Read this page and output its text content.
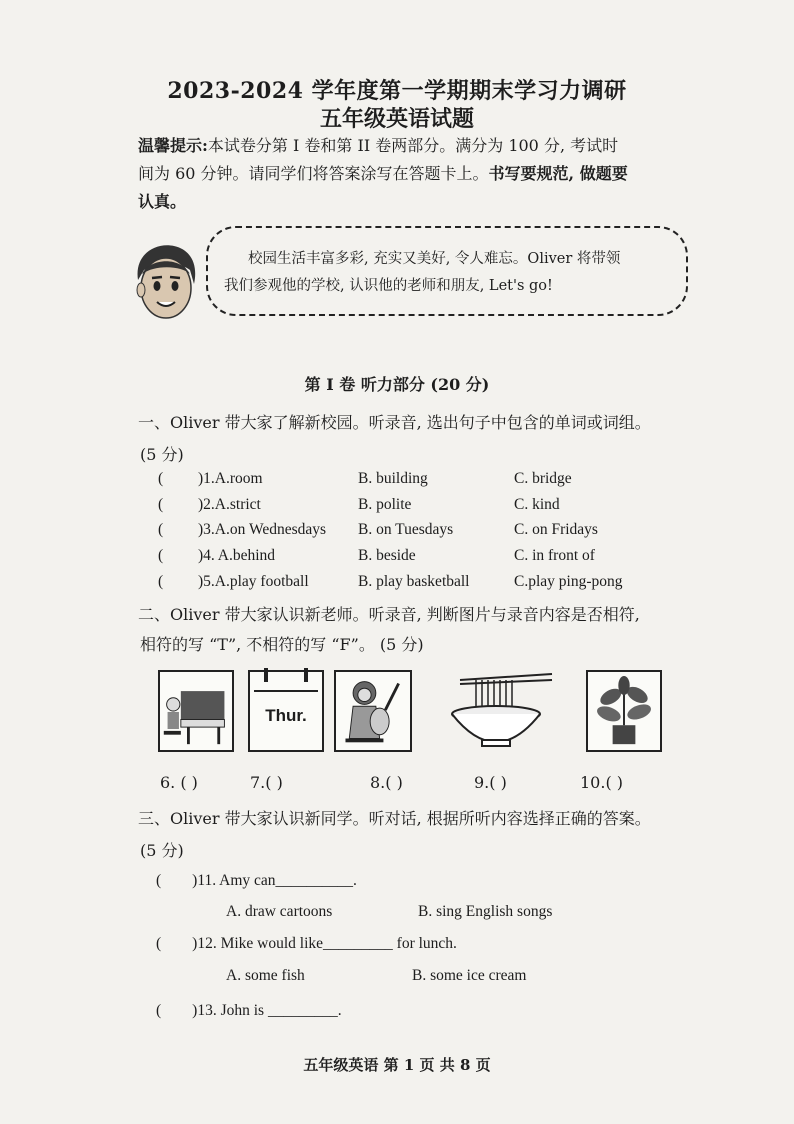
2023-2024 学年度第一学期期末学习力调研
五年级英语试题
温馨提示:本试卷分第 I 卷和第 II 卷两部分。满分为 100 分, 考试时
间为 60 分钟。请同学们将答案涂写在答题卡上。书写要规范, 做题要
认真。
校园生活丰富多彩, 充实又美好, 令人难忘。Oliver 将带领
我们参观他的学校, 认识他的老师和朋友, Let's go!
第 I 卷 听力部分 (20 分)
一、Oliver 带大家了解新校园。听录音, 选出句子中包含的单词或词组。
(5 分)
( )1.A.room	B. building	C. bridge
( )2.A.strict	B. polite	C. kind
( )3.A.on Wednesdays B. on Tuesdays	C. on Fridays
( )4. A.behind	B. beside	C. in front of
( )5.A.play football	B. play basketball	C.play ping-pong
二、Oliver 带大家认识新老师。听录音, 判断图片与录音内容是否相符,
相符的写 “T”, 不相符的写 “F”。 (5 分)
Thur.
6. ( )	7.( )	8.( )	9.( )	10.( )
三、Oliver 带大家认识新同学。听对话, 根据所听内容选择正确的答案。
(5 分)
(        )11. Amy can__________.
A. draw cartoons	B. sing English songs
(        )12. Mike would like_________ for lunch.
A. some fish	B. some ice cream
(        )13. John is _________.
五年级英语 第 1 页 共 8 页
